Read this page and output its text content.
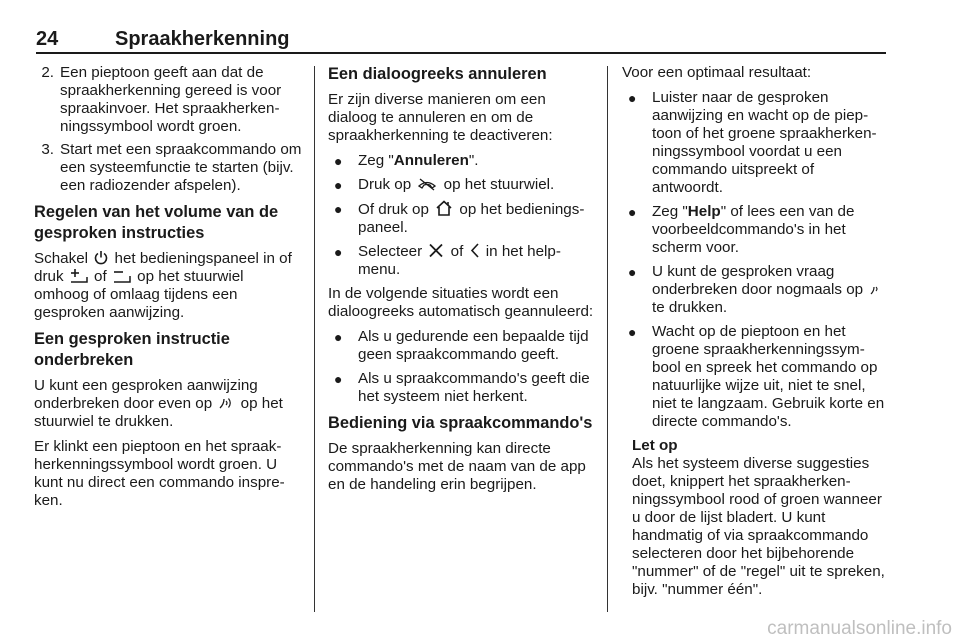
24	Spraakherkenning
2. Een pieptoon geeft aan dat de spraakherkenning gereed is voor spraakinvoer. Het spraakherkenningssymbool wordt groen.
3. Start met een spraakcommando om een systeemfunctie te starten (bijv. een radiozender afspelen).
Regelen van het volume van de gesproken instructies

Schakel het bedieningspaneel in of druk of op het stuurwiel omhoog of omlaag tijdens een gesproken aanwijzing.

Een gesproken instructie onderbreken

U kunt een gesproken aanwijzing onderbreken door even op op het stuurwiel te drukken.

Er klinkt een pieptoon en het spraakherkenningssymbool wordt groen. U kunt nu direct een commando inspreken.

Een dialoogreeks annuleren

Er zijn diverse manieren om een dialoog te annuleren en om de spraakherkenning te deactiveren:

●	Zeg "Annuleren".
●	Druk op op het stuurwiel.
●	Of druk op op het bedieningspaneel.
●	Selecteer of in het helpmenu.

In de volgende situaties wordt een dialoogreeks automatisch geannuleerd:

●	Als u gedurende een bepaalde tijd geen spraakcommando geeft.
●	Als u spraakcommando's geeft die het systeem niet herkent.
Bediening via spraakcommando's

De spraakherkenning kan directe commando's met de naam van de app en de handeling erin begrijpen.

Voor een optimaal resultaat:

●	Luister naar de gesproken aanwijzing en wacht op de pieptoon of het groene spraakherkenningssymbool voordat u een commando uitspreekt of antwoordt.
●	Zeg "Help" of lees een van de voorbeeldcommando's in het scherm voor.
●	U kunt de gesproken vraag onderbreken door nogmaals op  te drukken.
●	Wacht op de pieptoon en het groene spraakherkenningssymbool en spreek het commando op natuurlijke wijze uit, niet te snel, niet te langzaam. Gebruik korte en directe commando's.
Let op
Als het systeem diverse suggesties doet, knippert het spraakherkenningssymbool rood of groen wanneer u door de lijst bladert. U kunt handmatig of via spraakcommando selecteren door het bijbehorende "nummer" of de "regel" uit te spreken, bijv. "nummer één".
carmanualsonline.info
